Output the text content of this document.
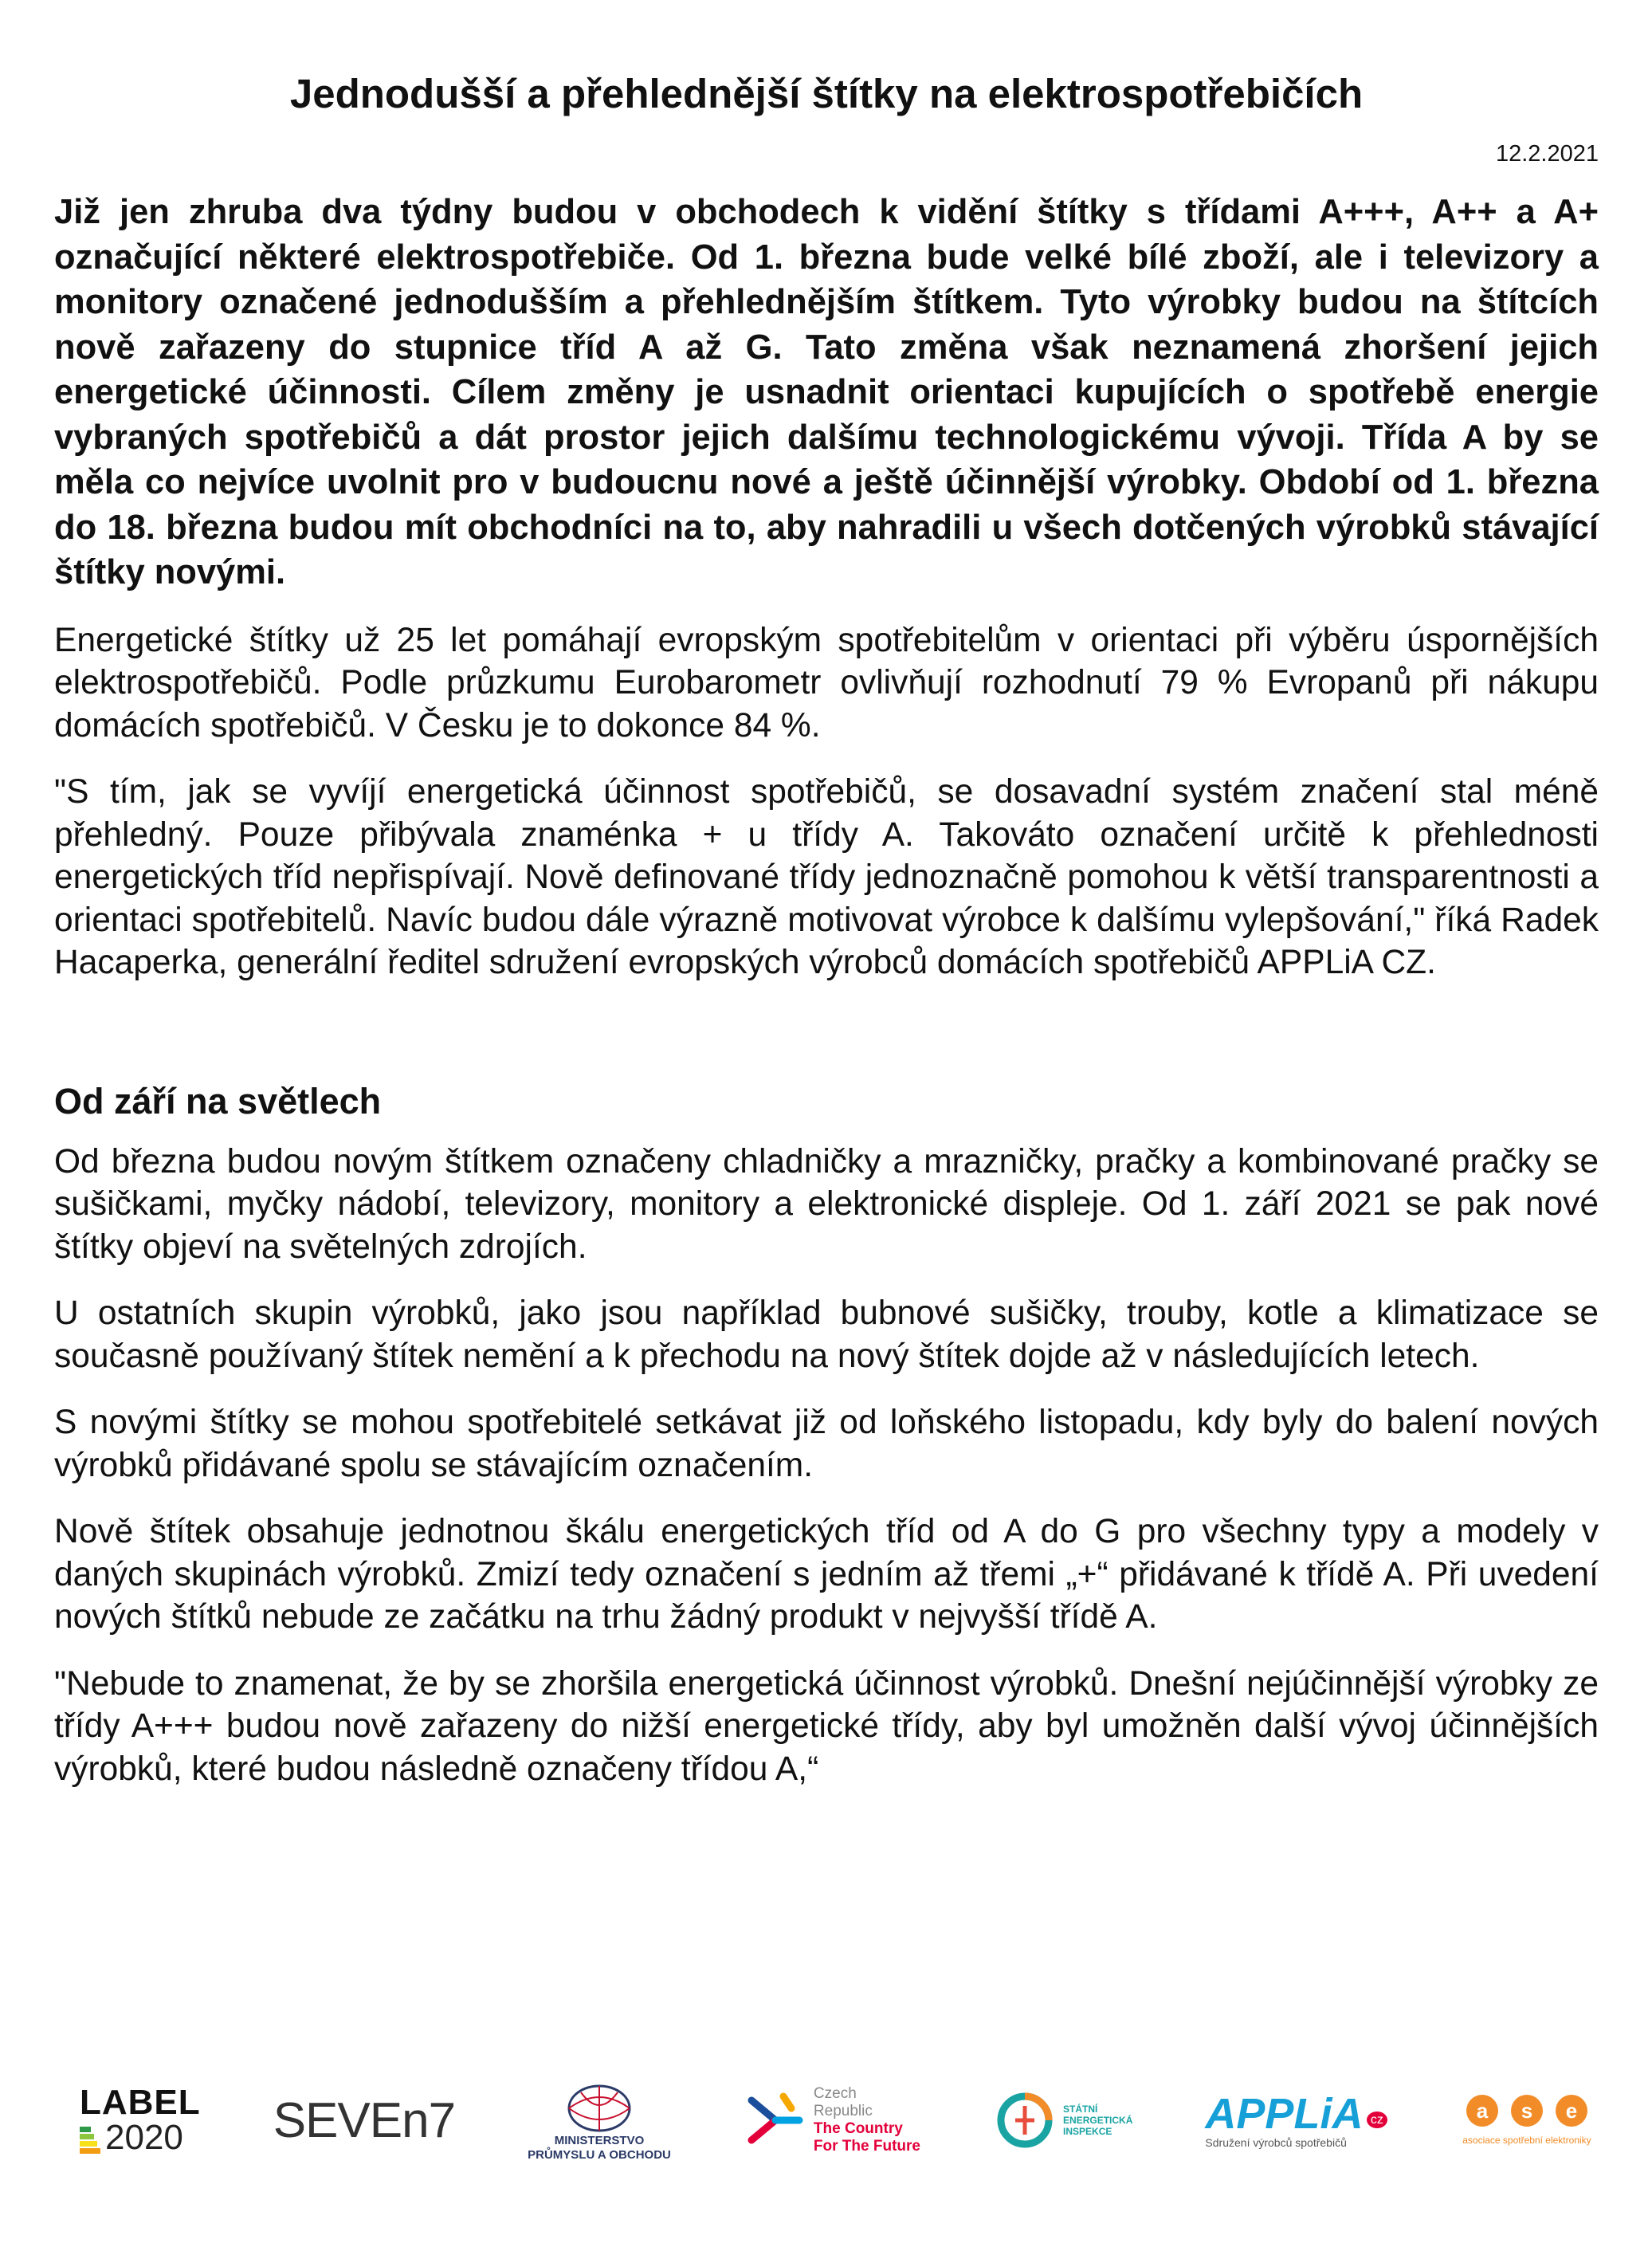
Jednodušší a přehlednější štítky na elektrospotřebičích
12.2.2021

Již jen zhruba dva týdny budou v obchodech k vidění štítky s třídami A+++, A++ a A+ označující některé elektrospotřebiče. Od 1. března bude velké bílé zboží, ale i televizory a monitory označené jednodušším a přehlednějším štítkem. Tyto výrobky budou na štítcích nově zařazeny do stupnice tříd A až G. Tato změna však neznamená zhoršení jejich energetické účinnosti. Cílem změny je usnadnit orientaci kupujících o spotřebě energie vybraných spotřebičů a dát prostor jejich dalšímu technologickému vývoji. Třída A by se měla co nejvíce uvolnit pro v budoucnu nové a ještě účinnější výrobky. Období od 1. března do 18. března budou mít obchodníci na to, aby nahradili u všech dotčených výrobků stávající štítky novými.

Energetické štítky už 25 let pomáhají evropským spotřebitelům v orientaci při výběru úspornějších elektrospotřebičů. Podle průzkumu Eurobarometr ovlivňují rozhodnutí 79 % Evropanů při nákupu domácích spotřebičů. V Česku je to dokonce 84 %.

"S tím, jak se vyvíjí energetická účinnost spotřebičů, se dosavadní systém značení stal méně přehledný. Pouze přibývala znaménka + u třídy A. Takováto označení určitě k přehlednosti energetických tříd nepřispívají. Nově definované třídy jednoznačně pomohou k větší transparentnosti a orientaci spotřebitelů. Navíc budou dále výrazně motivovat výrobce k dalšímu vylepšování," říká Radek Hacaperka, generální ředitel sdružení evropských výrobců domácích spotřebičů APPLiA CZ.

Od září na světlech

Od března budou novým štítkem označeny chladničky a mrazničky, pračky a kombinované pračky se sušičkami, myčky nádobí, televizory, monitory a elektronické displeje. Od 1. září 2021 se pak nové štítky objeví na světelných zdrojích.

U ostatních skupin výrobků, jako jsou například bubnové sušičky, trouby, kotle a klimatizace se současně používaný štítek nemění a k přechodu na nový štítek dojde až v následujících letech.

S novými štítky se mohou spotřebitelé setkávat již od loňského listopadu, kdy byly do balení nových výrobků přidávané spolu se stávajícím označením.

Nově štítek obsahuje jednotnou škálu energetických tříd od A do G pro všechny typy a modely v daných skupinách výrobků. Zmizí tedy označení s jedním až třemi „+“ přidávané k třídě A. Při uvedení nových štítků nebude ze začátku na trhu žádný produkt v nejvyšší třídě A.

"Nebude to znamenat, že by se zhoršila energetická účinnost výrobků. Dnešní nejúčinnější výrobky ze třídy A+++ budou nově zařazeny do nižší energetické třídy, aby byl umožněn další vývoj účinnějších výrobků, které budou následně označeny třídou A,“

LABEL
2020 SEVEn7	MINISTERSTVO
PRŮMYSLU A OBCHODU
Czech
Republic
The Country
For The Future
STÁTNÍ
ENERGETICKÁ
INSPEKCE	APPLiA $^{cz}$
Sdružení výrobců spotřebičů
a	s	e
asociace spotřební elektroniky
